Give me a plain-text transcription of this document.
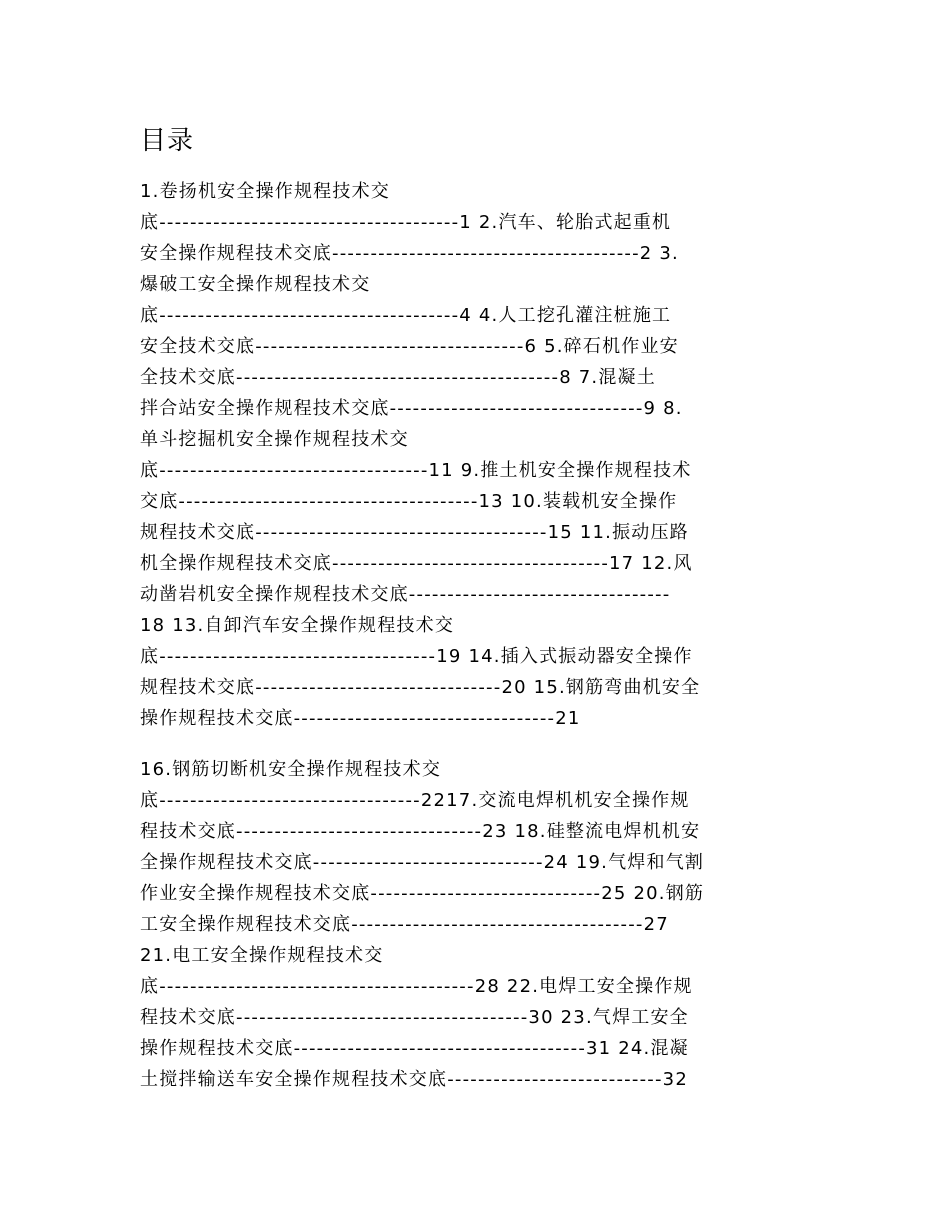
目录
1.卷扬机安全操作规程技术交
底---------------------------------------1 2.汽车、轮胎式起重机
安全操作规程技术交底----------------------------------------2 3.
爆破工安全操作规程技术交
底---------------------------------------4 4.人工挖孔灌注桩施工
安全技术交底-----------------------------------6 5.碎石机作业安
全技术交底------------------------------------------8 7.混凝土
拌合站安全操作规程技术交底---------------------------------9 8.
单斗挖掘机安全操作规程技术交
底-----------------------------------11 9.推土机安全操作规程技术
交底---------------------------------------13 10.装载机安全操作
规程技术交底--------------------------------------15 11.振动压路
机全操作规程技术交底------------------------------------17 12.风
动凿岩机安全操作规程技术交底----------------------------------
18 13.自卸汽车安全操作规程技术交
底------------------------------------19 14.插入式振动器安全操作
规程技术交底--------------------------------20 15.钢筋弯曲机安全
操作规程技术交底----------------------------------21
16.钢筋切断机安全操作规程技术交
底----------------------------------2217.交流电焊机机安全操作规
程技术交底--------------------------------23 18.硅整流电焊机机安
全操作规程技术交底------------------------------24 19.气焊和气割
作业安全操作规程技术交底------------------------------25 20.钢筋
工安全操作规程技术交底--------------------------------------27
21.电工安全操作规程技术交
底-----------------------------------------28 22.电焊工安全操作规
程技术交底--------------------------------------30 23.气焊工安全
操作规程技术交底--------------------------------------31 24.混凝
土搅拌输送车安全操作规程技术交底----------------------------32
